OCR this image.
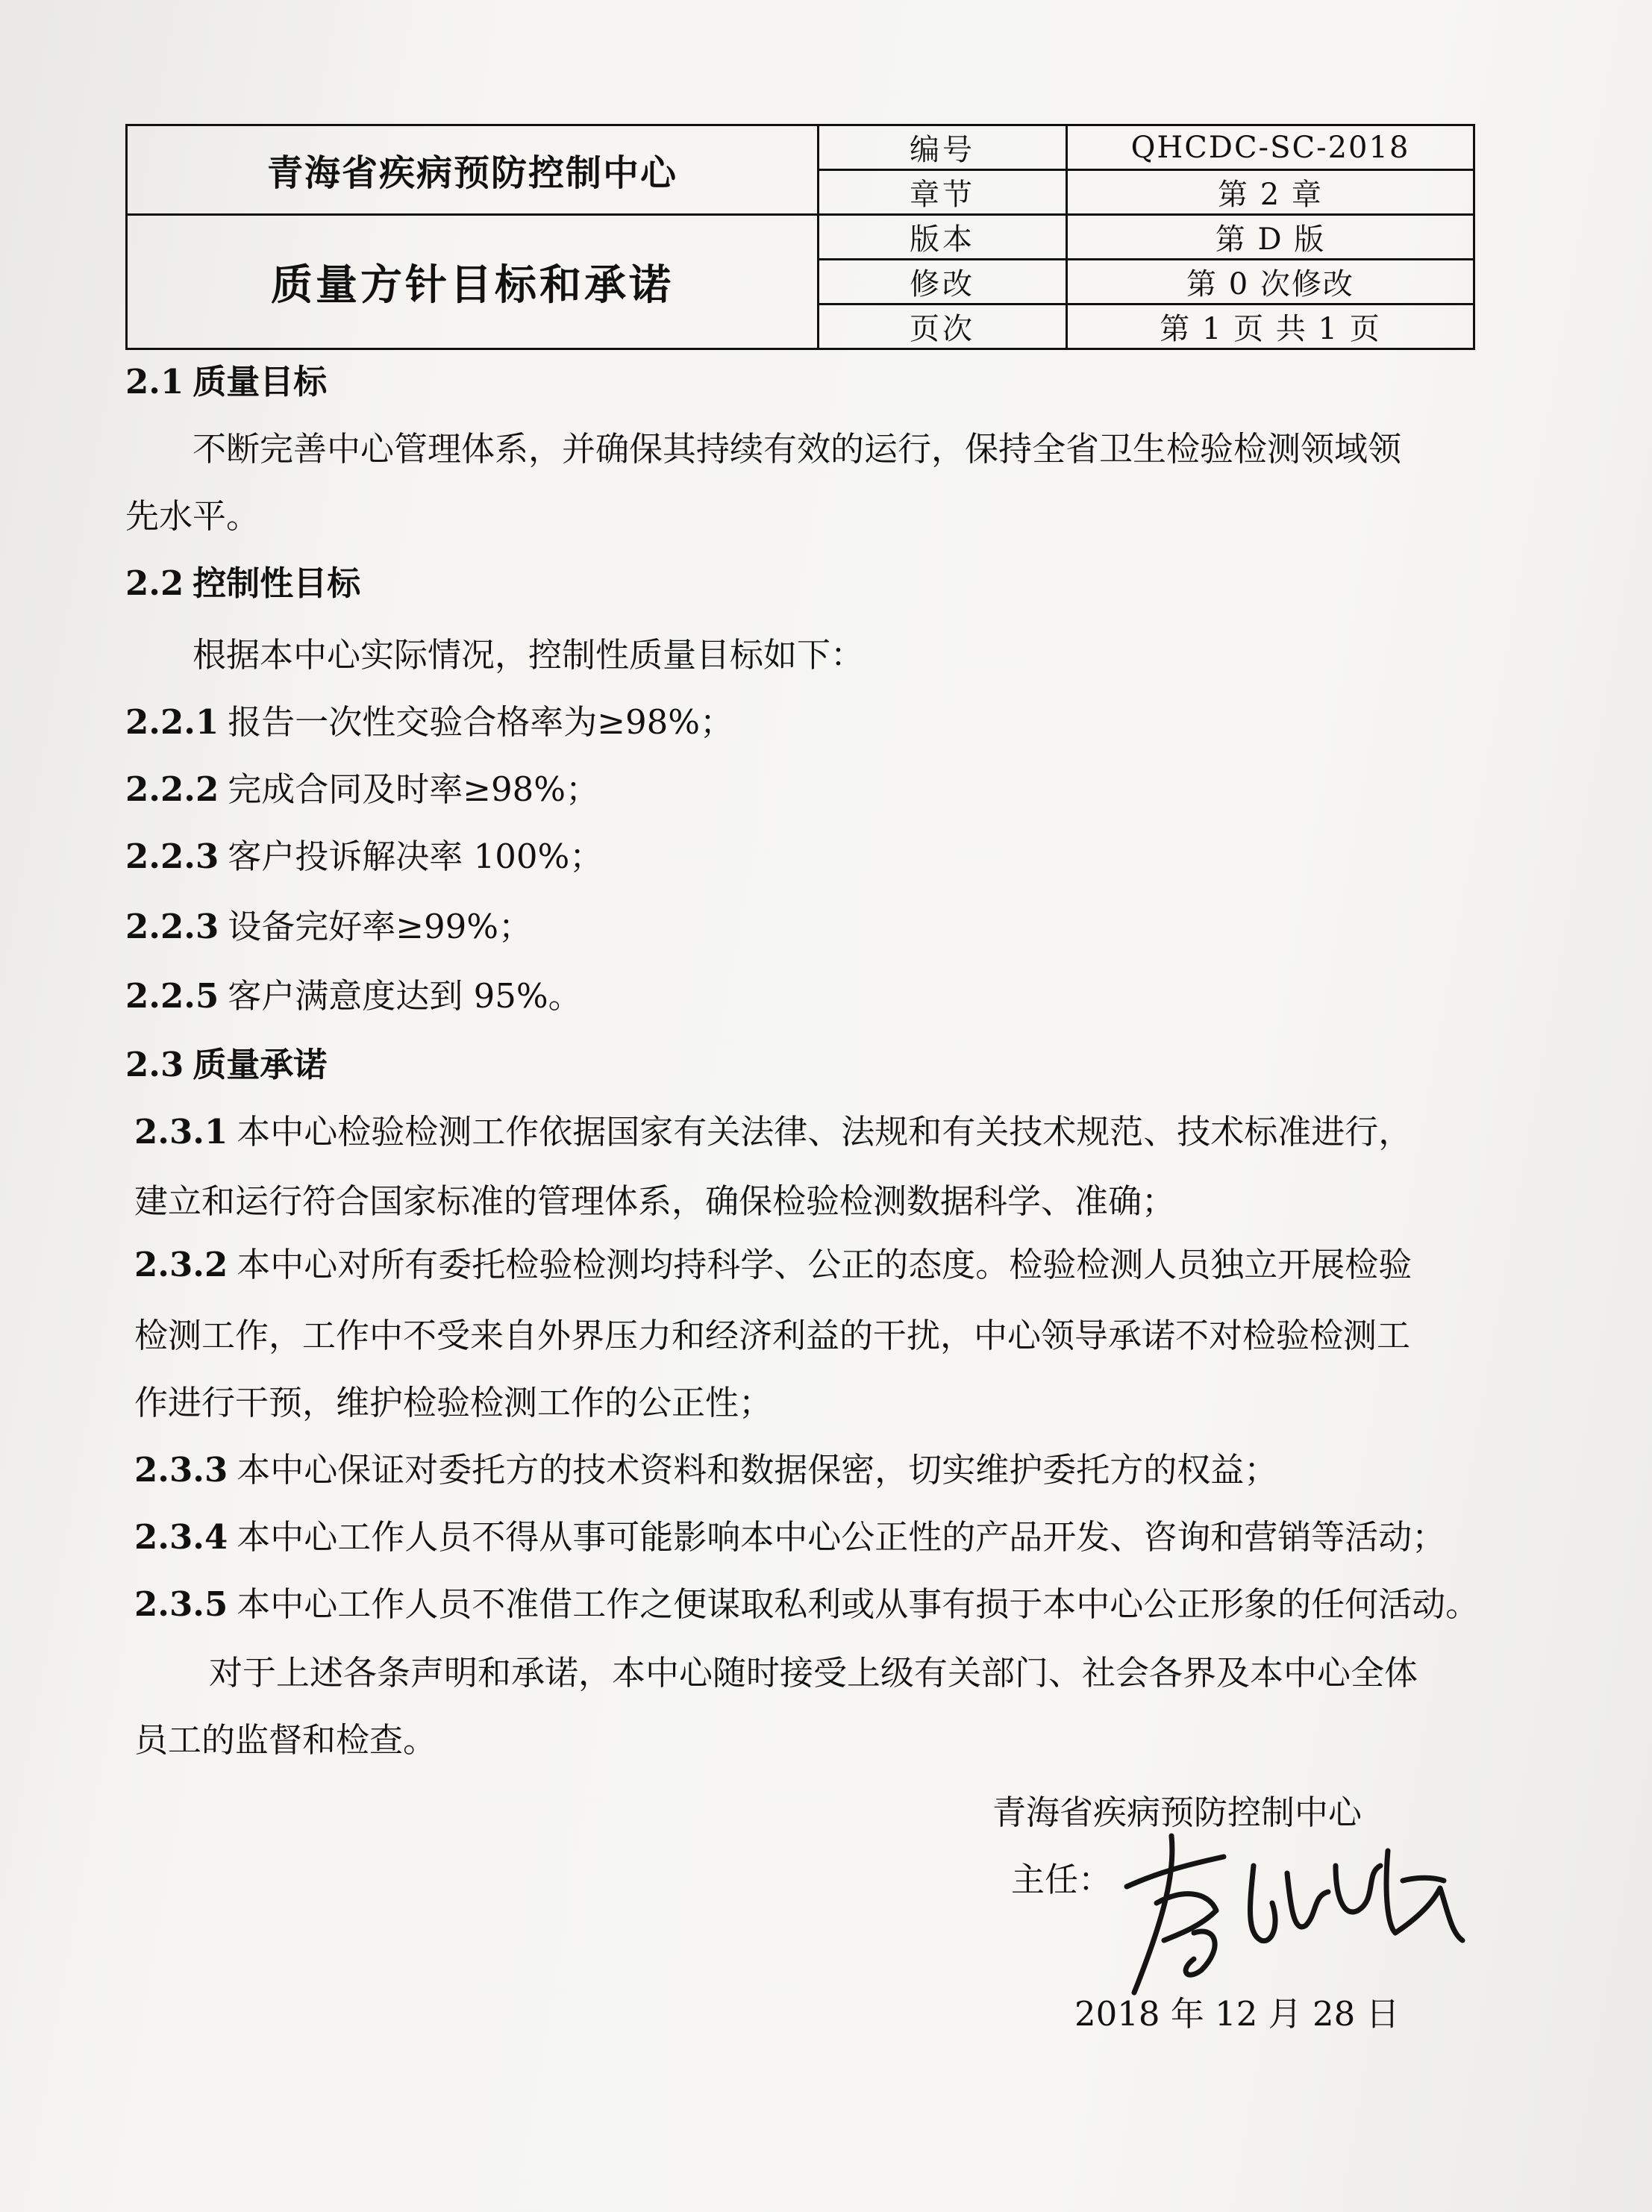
青海省疾病预防控制中心	编号	QHCDC-SC-2018
	章节	第 2 章
质量方针目标和承诺	版本	第 D 版
	修改	第 0 次修改
	页次	第 1 页 共 1 页
2.1 质量目标
不断完善中心管理体系，并确保其持续有效的运行，保持全省卫生检验检测领域领
先水平。
2.2 控制性目标
根据本中心实际情况，控制性质量目标如下：
2.2.1 报告一次性交验合格率为≥98%；
2.2.2 完成合同及时率≥98%；
2.2.3 客户投诉解决率 100%；
2.2.3 设备完好率≥99%；
2.2.5 客户满意度达到 95%。
2.3 质量承诺
2.3.1 本中心检验检测工作依据国家有关法律、法规和有关技术规范、技术标准进行，
建立和运行符合国家标准的管理体系，确保检验检测数据科学、准确；
2.3.2 本中心对所有委托检验检测均持科学、公正的态度。检验检测人员独立开展检验
检测工作，工作中不受来自外界压力和经济利益的干扰，中心领导承诺不对检验检测工
作进行干预，维护检验检测工作的公正性；
2.3.3 本中心保证对委托方的技术资料和数据保密，切实维护委托方的权益；
2.3.4 本中心工作人员不得从事可能影响本中心公正性的产品开发、咨询和营销等活动；
2.3.5 本中心工作人员不准借工作之便谋取私利或从事有损于本中心公正形象的任何活动。
对于上述各条声明和承诺，本中心随时接受上级有关部门、社会各界及本中心全体
员工的监督和检查。
青海省疾病预防控制中心
主任：
2018 年 12 月 28 日
